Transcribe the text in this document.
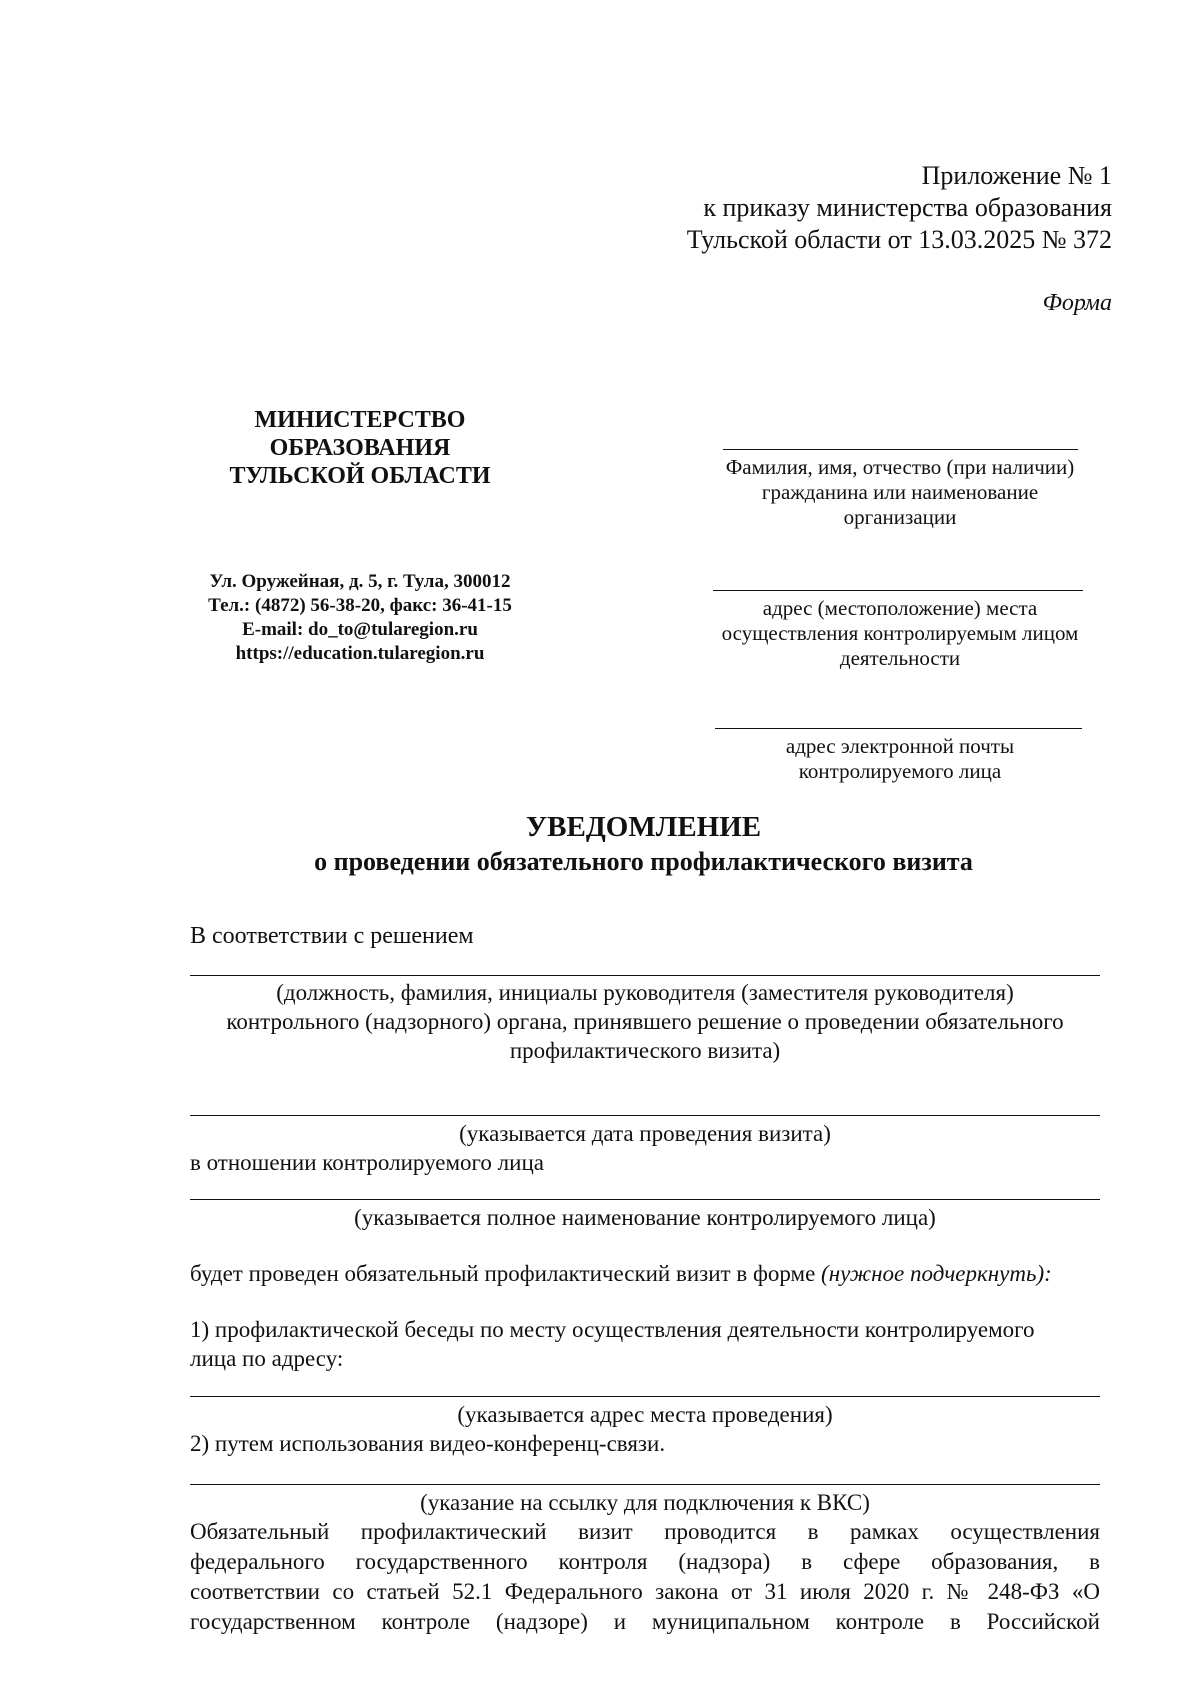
Приложение № 1
к приказу министерства образования
Тульской области от 13.03.2025 № 372
Форма
МИНИСТЕРСТВО
ОБРАЗОВАНИЯ
ТУЛЬСКОЙ ОБЛАСТИ
Ул. Оружейная, д. 5, г. Тула, 300012
Тел.: (4872) 56-38-20, факс: 36-41-15
E-mail: do_to@tularegion.ru
https://education.tularegion.ru
Фамилия, имя, отчество (при наличии)
гражданина или наименование
организации
адрес (местоположение) места
осуществления контролируемым лицом
деятельности
адрес электронной почты
контролируемого лица
УВЕДОМЛЕНИЕ
о проведении обязательного профилактического визита
В соответствии с решением
(должность, фамилия, инициалы руководителя (заместителя руководителя)
контрольного (надзорного) органа, принявшего решение о проведении обязательного
профилактического визита)
(указывается дата проведения визита)
в отношении контролируемого лица
(указывается полное наименование контролируемого лица)
будет проведен обязательный профилактический визит в форме (нужное подчеркнуть):
1) профилактической беседы по месту осуществления деятельности контролируемого
лица по адресу:
(указывается адрес места проведения)
2) путем использования видео-конференц-связи.
(указание на ссылку для подключения к ВКС)
Обязательный профилактический визит проводится в рамках осуществления
федерального государственного контроля (надзора) в сфере образования, в
соответствии со статьей 52.1 Федерального закона от 31 июля 2020 г. № 248-ФЗ «О
государственном контроле (надзоре) и муниципальном контроле в Российской
